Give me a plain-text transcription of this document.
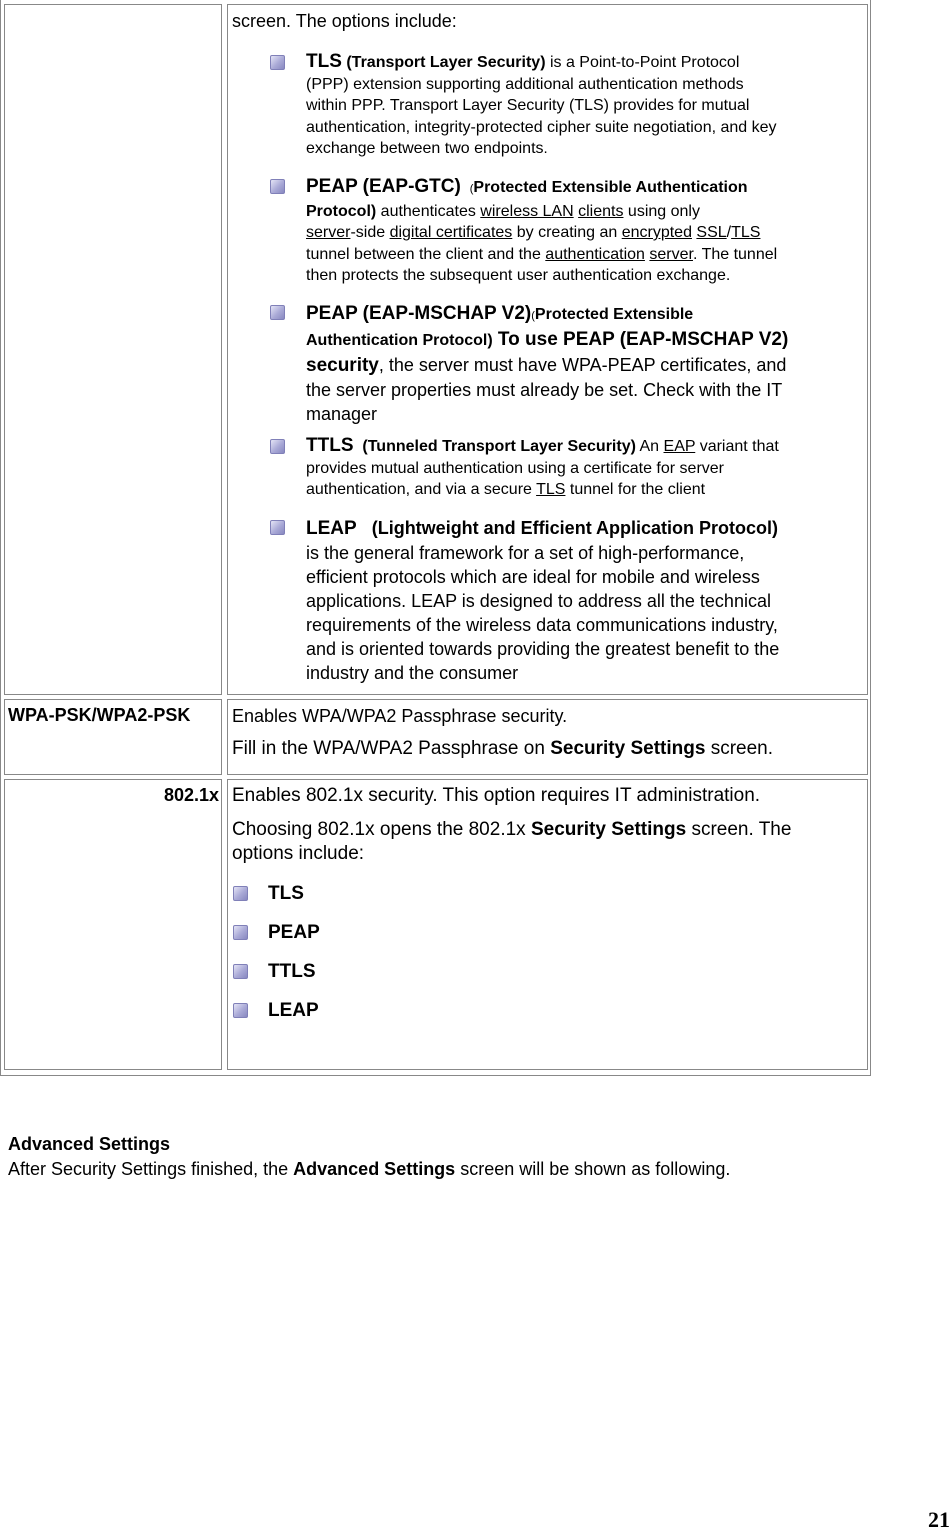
screen. The options include:
TLS (Transport Layer Security) is a Point-to-Point Protocol
(PPP) extension supporting additional authentication methods
within PPP. Transport Layer Security (TLS) provides for mutual
authentication, integrity-protected cipher suite negotiation, and key
exchange between two endpoints.
PEAP (EAP-GTC) (Protected Extensible Authentication
Protocol) authenticates wireless LAN clients using only
server-side digital certificates by creating an encrypted SSL/TLS
tunnel between the client and the authentication server. The tunnel
then protects the subsequent user authentication exchange.
PEAP (EAP-MSCHAP V2)(Protected Extensible
Authentication Protocol) To use PEAP (EAP-MSCHAP V2)
security, the server must have WPA-PEAP certificates, and
the server properties must already be set. Check with the IT
manager
TTLS (Tunneled Transport Layer Security) An EAP variant that
provides mutual authentication using a certificate for server
authentication, and via a secure TLS tunnel for the client
LEAP (Lightweight and Efficient Application Protocol)
is the general framework for a set of high-performance,
efficient protocols which are ideal for mobile and wireless
applications. LEAP is designed to address all the technical
requirements of the wireless data communications industry,
and is oriented towards providing the greatest benefit to the
industry and the consumer
WPA-PSK/WPA2-PSK Enables WPA/WPA2 Passphrase security.
Fill in the WPA/WPA2 Passphrase on Security Settings screen.
802.1x Enables 802.1x security. This option requires IT administration.
Choosing 802.1x opens the 802.1x Security Settings screen. The
options include:
TLS
PEAP
TTLS
LEAP
Advanced Settings
After Security Settings finished, the Advanced Settings screen will be shown as following.
21
